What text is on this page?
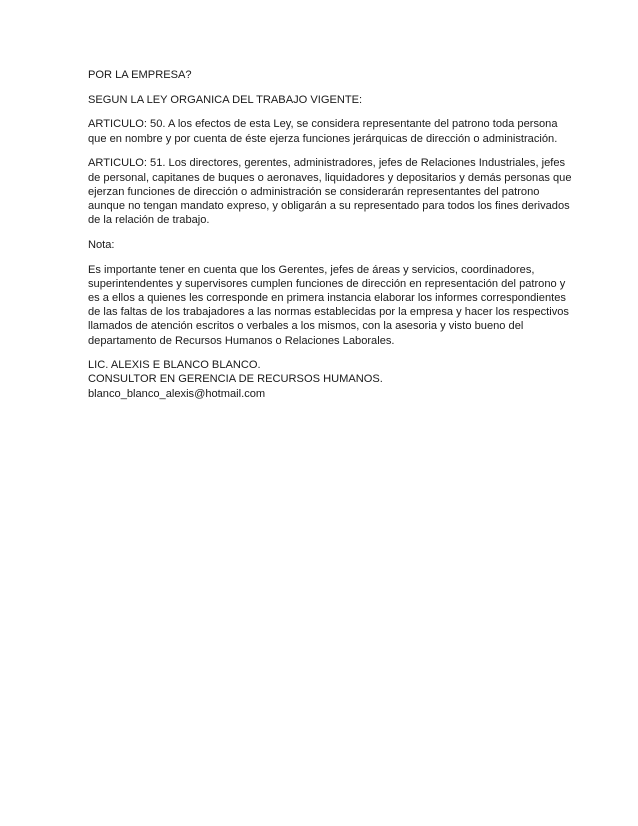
POR LA EMPRESA?

SEGUN LA LEY ORGANICA DEL TRABAJO VIGENTE:

ARTICULO: 50. A los efectos de esta Ley, se considera representante del patrono toda persona
que en nombre y por cuenta de éste ejerza funciones jerárquicas de dirección o administración.

ARTICULO: 51. Los directores, gerentes, administradores, jefes de Relaciones Industriales, jefes
de personal, capitanes de buques o aeronaves, liquidadores y depositarios y demás personas que
ejerzan funciones de dirección o administración se considerarán representantes del patrono
aunque no tengan mandato expreso, y obligarán a su representado para todos los fines derivados
de la relación de trabajo.

Nota:

Es importante tener en cuenta que los Gerentes, jefes de áreas y servicios, coordinadores,
superintendentes y supervisores cumplen funciones de dirección en representación del patrono y
es a ellos a quienes les corresponde en primera instancia elaborar los informes correspondientes
de las faltas de los trabajadores a las normas establecidas por la empresa y hacer los respectivos
llamados de atención escritos o verbales a los mismos, con la asesoria y visto bueno del
departamento de Recursos Humanos o Relaciones Laborales.

LIC. ALEXIS E BLANCO BLANCO.
CONSULTOR EN GERENCIA DE RECURSOS HUMANOS.
blanco_blanco_alexis@hotmail.com
